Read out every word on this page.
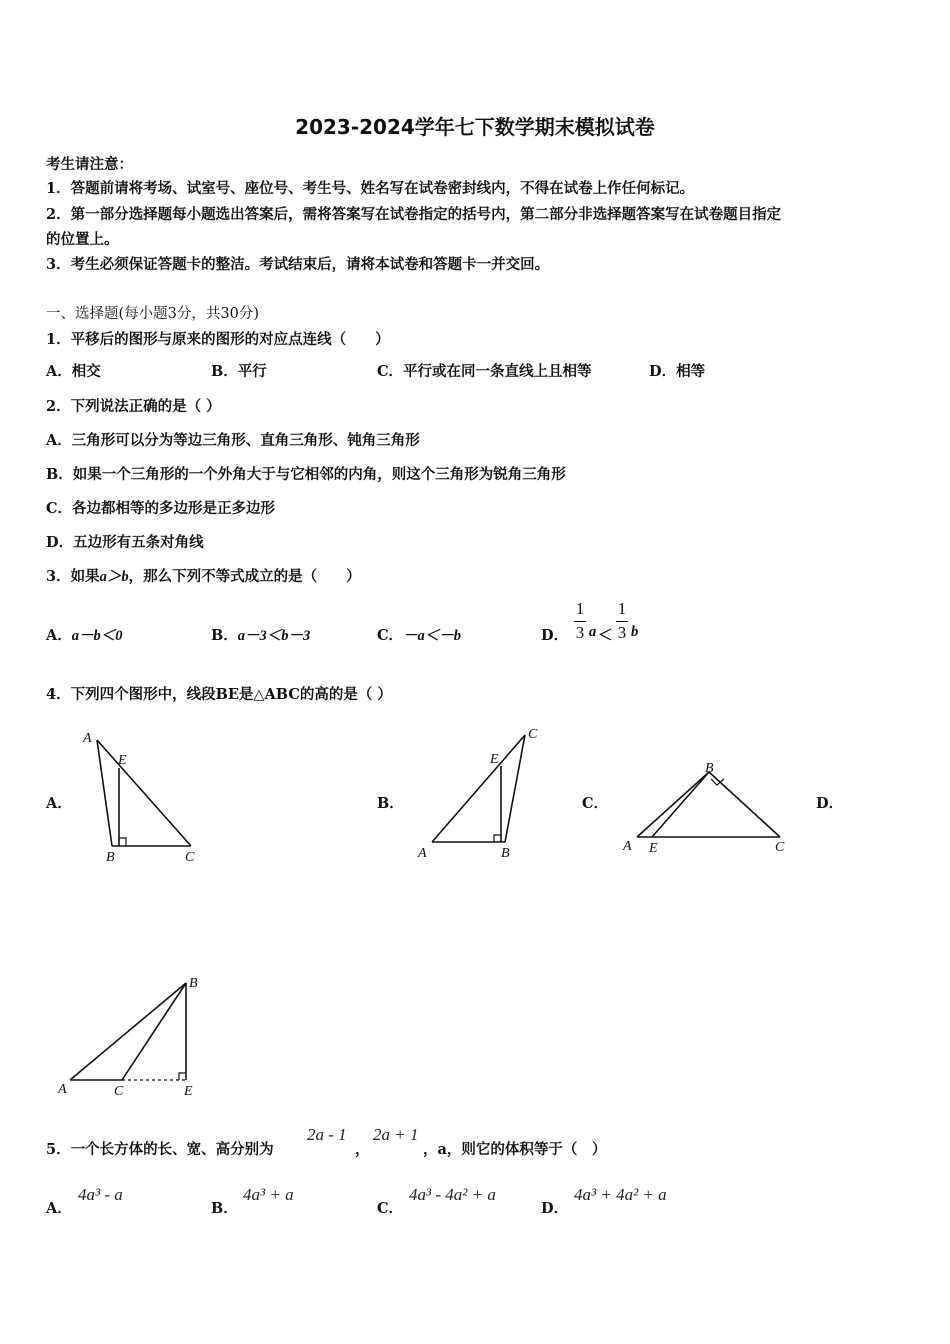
2023-2024学年七下数学期末模拟试卷
考生请注意：
1．答题前请将考场、试室号、座位号、考生号、姓名写在试卷密封线内，不得在试卷上作任何标记。
2．第一部分选择题每小题选出答案后，需将答案写在试卷指定的括号内，第二部分非选择题答案写在试卷题目指定
的位置上。
3．考生必须保证答题卡的整洁。考试结束后，请将本试卷和答题卡一并交回。
一、选择题(每小题3分，共30分)
1．平移后的图形与原来的图形的对应点连线（　　）
A．相交	B．平行	C．平行或在同一条直线上且相等	D．相等
2．下列说法正确的是（ ）
A．三角形可以分为等边三角形、直角三角形、钝角三角形
B．如果一个三角形的一个外角大于与它相邻的内角，则这个三角形为锐角三角形
C．各边都相等的多边形是正多边形
D．五边形有五条对角线
3．如果a＞b，那么下列不等式成立的是（　　）
A．a－b＜0	B．a－3＜b－3	C．－a＜－b	D．
1
3 a ＜
1
3 b
4．下列四个图形中，线段BE是△ABC的高的是（ ）
A．	B．	C．	D．
A
E
B	C
C
E
A	B
B
A E	C
B
A	C	E
5．一个长方体的长、宽、高分别为
2a - 1
，
2a + 1
，a，则它的体积等于（　）
A．
4a³ - a
B．
4a³ + a
C．
4a³ - 4a² + a
D．
4a³ + 4a² + a
